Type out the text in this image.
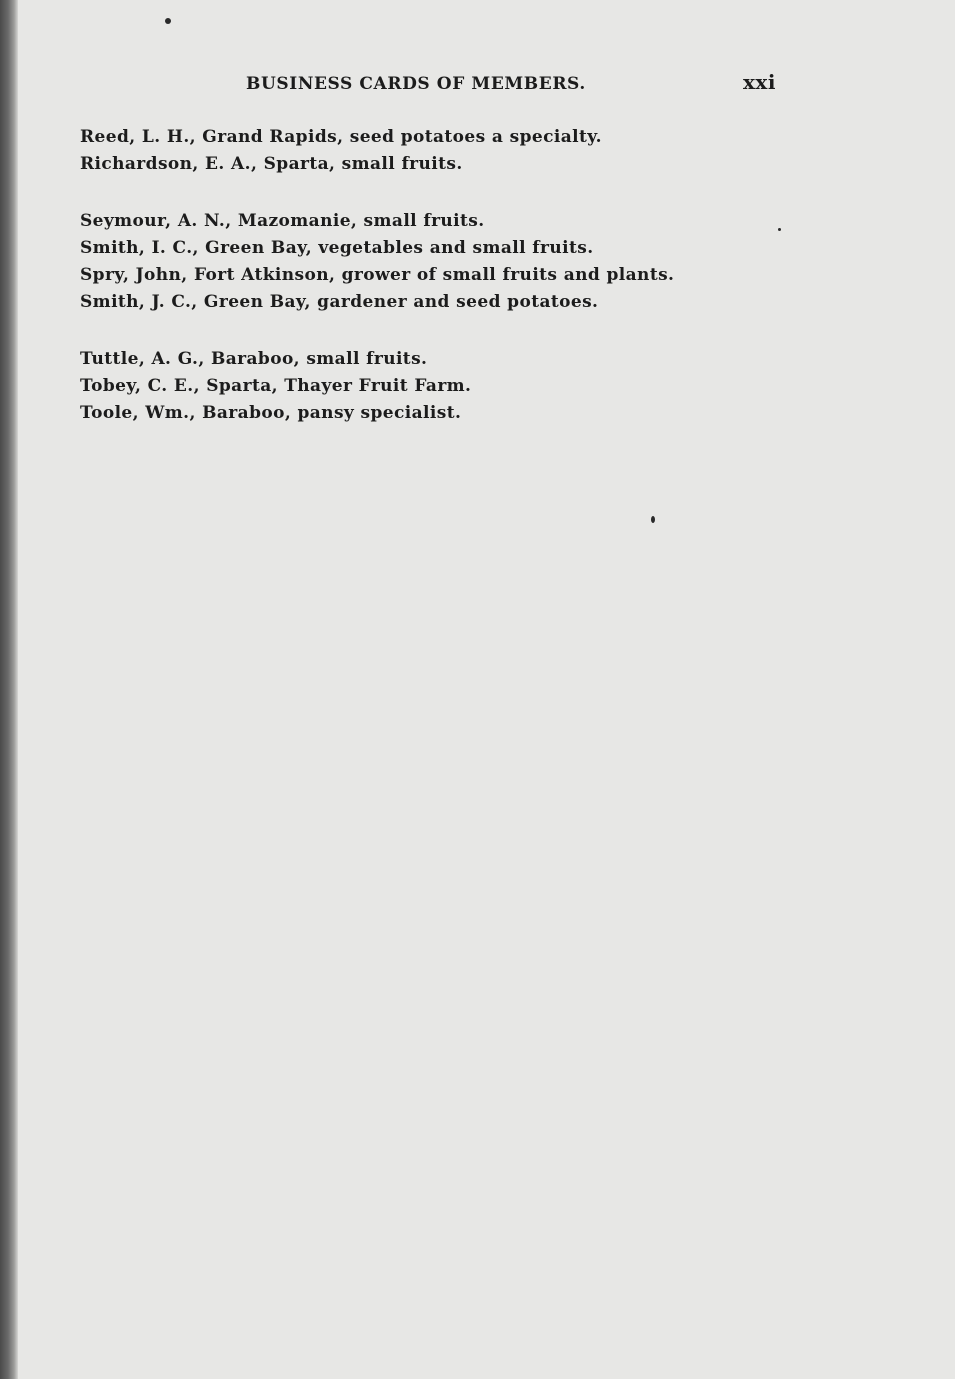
BUSINESS CARDS OF MEMBERS.	xxi
Reed, L. H., Grand Rapids, seed potatoes a specialty.
Richardson, E. A., Sparta, small fruits.
Seymour, A. N., Mazomanie, small fruits.
Smith, I. C., Green Bay, vegetables and small fruits.
Spry, John, Fort Atkinson, grower of small fruits and plants.
Smith, J. C., Green Bay, gardener and seed potatoes.
Tuttle, A. G., Baraboo, small fruits.
Tobey, C. E., Sparta, Thayer Fruit Farm.
Toole, Wm., Baraboo, pansy specialist.
